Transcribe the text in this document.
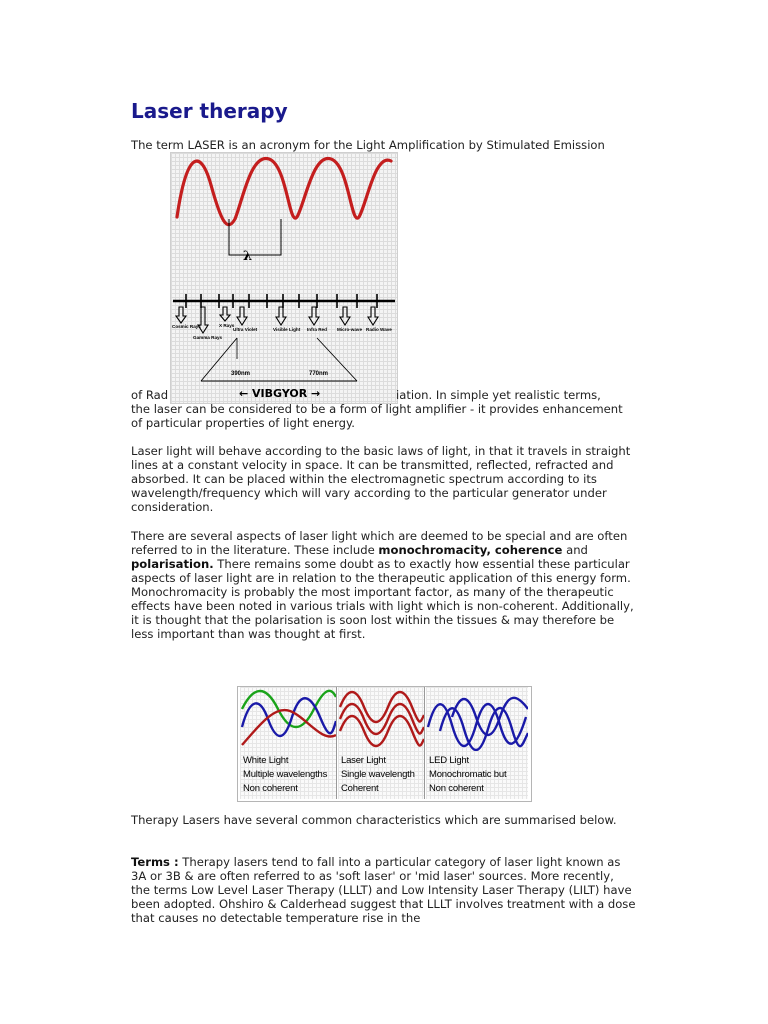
Laser therapy
The term LASER is an acronym for the Light Amplification by Stimulated Emission
λ
Cosmic Rays
Gamma Rays
X Rays
Ultra Violet	Visible Light Infra Red Micro-wave Radio Wave
390nm	770nm
← VIBGYOR →
of Rad	iation. In simple yet realistic terms,

the laser can be considered to be a form of light amplifier - it provides enhancement of particular properties of light energy.

Laser light will behave according to the basic laws of light, in that it travels in straight lines at a constant velocity in space. It can be transmitted, reflected, refracted and absorbed. It can be placed within the electromagnetic spectrum according to its wavelength/frequency which will vary according to the particular generator under consideration.

There are several aspects of laser light which are deemed to be special and are often referred to in the literature. These include monochromacity, coherence and polarisation. There remains some doubt as to exactly how essential these particular aspects of laser light are in relation to the therapeutic application of this energy form. Monochromacity is probably the most important factor, as many of the therapeutic effects have been noted in various trials with light which is non-coherent. Additionally, it is thought that the polarisation is soon lost within the tissues & may therefore be less important than was thought at first.

White Light
Multiple wavelengths
Non coherent
Laser Light
Single wavelength
Coherent
LED Light
Monochromatic but
Non coherent

Therapy Lasers have several common characteristics which are summarised below.

Terms : Therapy lasers tend to fall into a particular category of laser light known as 3A or 3B & are often referred to as 'soft laser' or 'mid laser' sources. More recently, the terms Low Level Laser Therapy (LLLT) and Low Intensity Laser Therapy (LILT) have been adopted. Ohshiro & Calderhead suggest that LLLT involves treatment with a dose that causes no detectable temperature rise in the
